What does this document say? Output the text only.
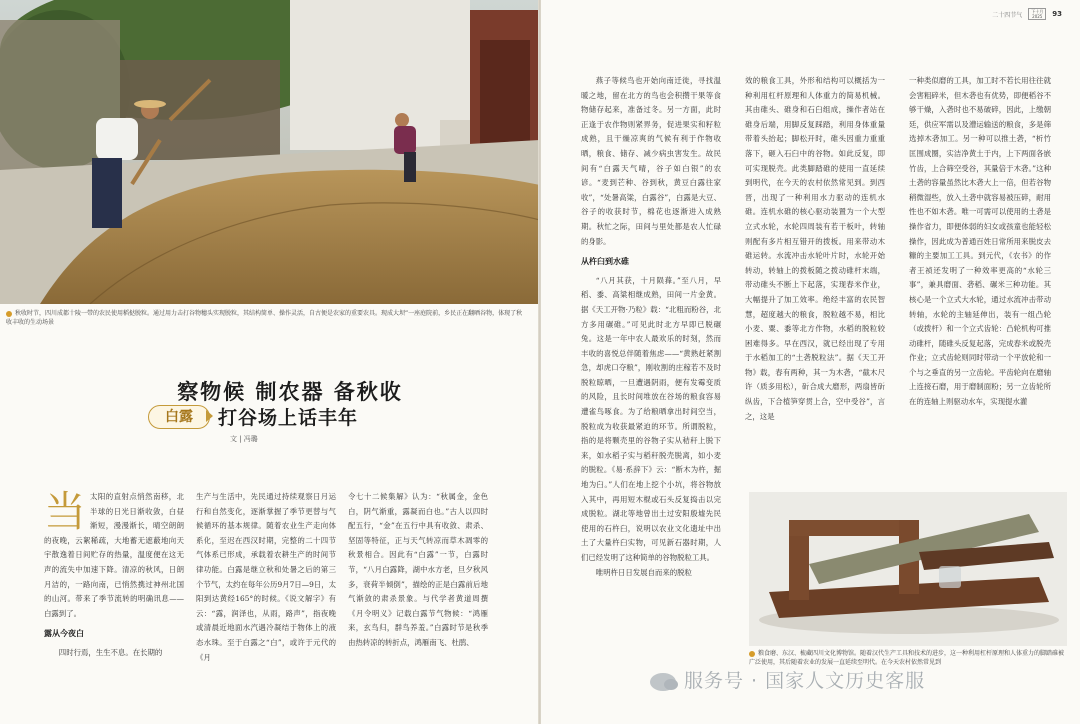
秋收时节，四川成都十陵一带的农民使用稻挞脱粒。通过用力击打谷物穗头实现脱粒，其结构简单、操作灵活，自古便是农家的重要农具。现成大坝”一座庭院前，乡民正在翻晒谷物，体现了秋收丰收的生动场景
察物候 制农器 备秋收
白露	打谷场上话丰年
文 | 冯璐
当 太阳的直射点悄然南移，北半球的日光日渐收敛，白昼渐短，漫漫渐长，晴空朗朗的夜晚，云絮稀疏，大地蓄无遮蔽地向天宇散逸着日间贮存的热量，温度便在这无声的流失中加速下降。清凉的秋风，日朗月洁的，一路向南，已悄然携过神州北国的山河。带来了季节流转的明确讯息——白露到了。
露从今夜白

四时行焉，生生不息。在长期的

生产与生活中，先民通过持续观察日月运行和自然变化，逐渐掌握了季节更替与气候循环的基本规律。随着农业生产走向体系化，至迟在西汉时期，完整的二十四节气体系已形成，承载着农耕生产的时间节律功能。白露是继立秋和处暑之后的第三个节气，太约在每年公历9月7日—9日，太阳到达黄经165°的时候。《说文解字》有云：“露，润泽也，从雨，路声”，指夜晚或清晨近地面水汽遇冷凝结于物体上的液态水珠。至于白露之“白”，或许于元代的《月
令七十二候集解》认为：“秋属金，金色白，阴气渐重，露凝而白也。”古人以四时配五行，“金”在五行中具有收敛、肃杀、坚固等特征，正与天气转凉而草木凋零的秋景相合。因此有“白露”一节，白露时节，“八月白露降，湖中水方老，旦夕秋风多，衰荷半倾倒”，描绘的正是白露前后地气渐敛的肃杀景象。与代学者黄道周撰《月令明义》记载白露节气物候：“鸿雁来，玄鸟归，群鸟养羞。”白露时节是秋季由热转凉的转折点，鸿雁南飞、杜鹃、
二十四节气	下十月 2025	93

燕子等候鸟也开始向南迁徙，寻找温暖之地，留在北方的鸟也会积攒干果等食物储存起来，准备过冬。另一方面，此时正逢于农作物则紧界务，促进果实和籽粒成熟，且干燥凉爽的气候有利于作物收晒，粮食、储存、减少病虫害发生。故民间有“白露天气晴，谷子如白银”的农谚。“麦到芒种、谷到秋，黄豆白露往家收”，“处暑高粱，白露谷”，白露是大豆、谷子的收获时节，棉花也逐渐进入成熟期。秋忙之际，田间与里处都是农人忙碌的身影。

从杵臼到水碓

“八月其获，十月陨萚。”至八月，早稻、黍、高粱相继成熟，田间一片金黄。据《天工开物·乃粒》载：“北粗而粉谷，北方多用碾碓。”可见此时北方早即已脱碾兔。这是一年中农人最欢乐的时刻，然而丰收的喜悦总伴随着焦虑——“黄熟赶紧割急，却虎口夺粮”，刚收割的庄稼若不及时脱粒晾晒，一旦遭遇阴雨，便有发霉变质的风险，且长时间堆放在谷场的粮食容易遭雀鸟啄食。为了给粮晒拿出时间空当，脱粒成为收获最紧迫的环节。所谓脱粒，指的是将颗壳里的谷物子实从秸秆上脱下来，如水稻子实与稻秆脱壳脱离，如小麦的脱粒。《易·系辞下》云：“断木为杵，掘地为臼。”人们在地上挖个小坑，将谷物放入其中，再用短木棍或石头反复捣击以完成脱粒。湖北等地曾出土过安阳殷墟先民使用的石杵臼，说明以农业文化遗址中出土了大量杵臼实物，可见新石器时期，人们已经发明了这种简单的谷物脱粒工具。

唯明杵日日发展自而来的脱粒

效的粮食工具，外形和结构可以概括为一种利用杠杆原理和人体重力的简易机械。其由碓头、碓身和石臼组成，操作者站在碓身后端，用脚反复踩踏，利用身体重量带着头抬起；脚松开时，碓头因重力重重落下，砸入石臼中的谷物。如此反复，即可实现脱壳。此类脚踏碓的使用一直延续到明代，在今天的农村依然常见到。到西晋，出现了一种利用水力驱动的连机水碓。连机水碓的核心驱动装置为一个大型立式水轮，水轮四周装有若干板叶，转轴则配有多片相互错开的拨板。用来带动木碓运转。水流冲击水轮叶片时，水轮开始转动，转轴上的拨板随之拨动碓杆末端，带动碓头不断上下起落，实现春米作业，大幅提升了加工效率。绝经丰富的农民智慧，超度越大的粮食，脱粒越不易，相比小麦、粟、黍等北方作物，水稻的脱粒较困难得多。早在西汉，就已经出现了专用于水稻加工的“土砻脱粒法”。据《天工开物》载，春有两种，其一为木砻，“截木尺许（质多用松），斫合成大磨形，两扇皆斫纵齿，下合植笋穿贯上合，空中受谷”，言之，这是
一种类似磨的工具，加工时不若长用往往就会害粗碎米，但木砻也有优势，即便稻谷不够干燥，入砻时也不易破碎，因此，上缴朝廷，供应军需以及漕运输送的粮食，多是筛选掉木砻加工。另一种可以推土砻，“析竹匡围成圈，实洁净黄土于内，上下两面各嵌竹齿，上合筛空受谷，其量倍于木砻。”这种土砻的容量虽然比木砻大上一倍，但若谷物稍微湿些，放入土砻中就容易被压碎，耐用性也不如木砻。唯一可需可以使用的土砻是操作省力，即便体弱的妇女或孩童也能轻松操作，因此成为普通百姓日常所用来脱皮去糠的主要加工工具。到元代，《农书》的作者王祯还发明了一种效率更高的“水轮三事”，兼具磨面、砻稻、碾米三种功能。其核心是一个立式大水轮，通过水流冲击带动转轴，水轮的主轴延伸出，装有一组凸轮（或拨杆）和一个立式齿轮：凸轮机构可推动碓杆，随碓头反复起落，完成春米或脱壳作业；立式齿轮则同时带动一个平放轮和一个与之垂直的另一立齿轮。平齿轮向在磨轴上连接石磨，用于磨制面粉；另一立齿轮所在的连轴上则驱动水车，实现提水灌
粮食磨、东汉、梳藏四川文化博物馆。随着汉代生产工具和技术的进步，这一种利用杠杆原理和人体重力的脚踏碓被广泛使用，其后随着农业的发展一直延续至明代。在今天农村依然常见到
服务号 · 国家人文历史客服
